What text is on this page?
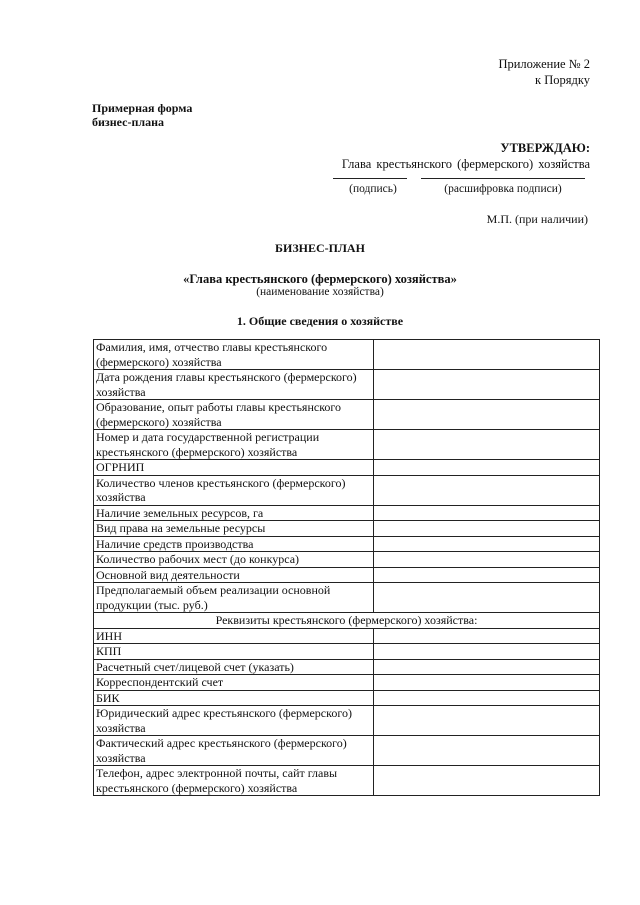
Приложение № 2
к Порядку
Примерная форма
бизнес-плана
УТВЕРЖДАЮ:
Глава крестьянского (фермерского) хозяйства
(подпись)	(расшифровка подписи)
М.П. (при наличии)
БИЗНЕС-ПЛАН
«Глава крестьянского (фермерского) хозяйства»
(наименование хозяйства)
1. Общие сведения о хозяйстве
Фамилия, имя, отчество главы крестьянского (фермерского) хозяйства	
Дата рождения главы крестьянского (фермерского) хозяйства	
Образование, опыт работы главы крестьянского (фермерского) хозяйства	
Номер и дата государственной регистрации крестьянского (фермерского) хозяйства	
ОГРНИП	
Количество членов крестьянского (фермерского) хозяйства	
Наличие земельных ресурсов, га	
Вид права на земельные ресурсы	
Наличие средств производства	
Количество рабочих мест (до конкурса)	
Основной вид деятельности	
Предполагаемый объем реализации основной продукции (тыс. руб.)	
Реквизиты крестьянского (фермерского) хозяйства:	
ИНН	
КПП	
Расчетный счет/лицевой счет (указать)	
Корреспондентский счет	
БИК	
Юридический адрес крестьянского (фермерского) хозяйства	
Фактический адрес крестьянского (фермерского) хозяйства	
Телефон, адрес электронной почты, сайт главы крестьянского (фермерского) хозяйства	
